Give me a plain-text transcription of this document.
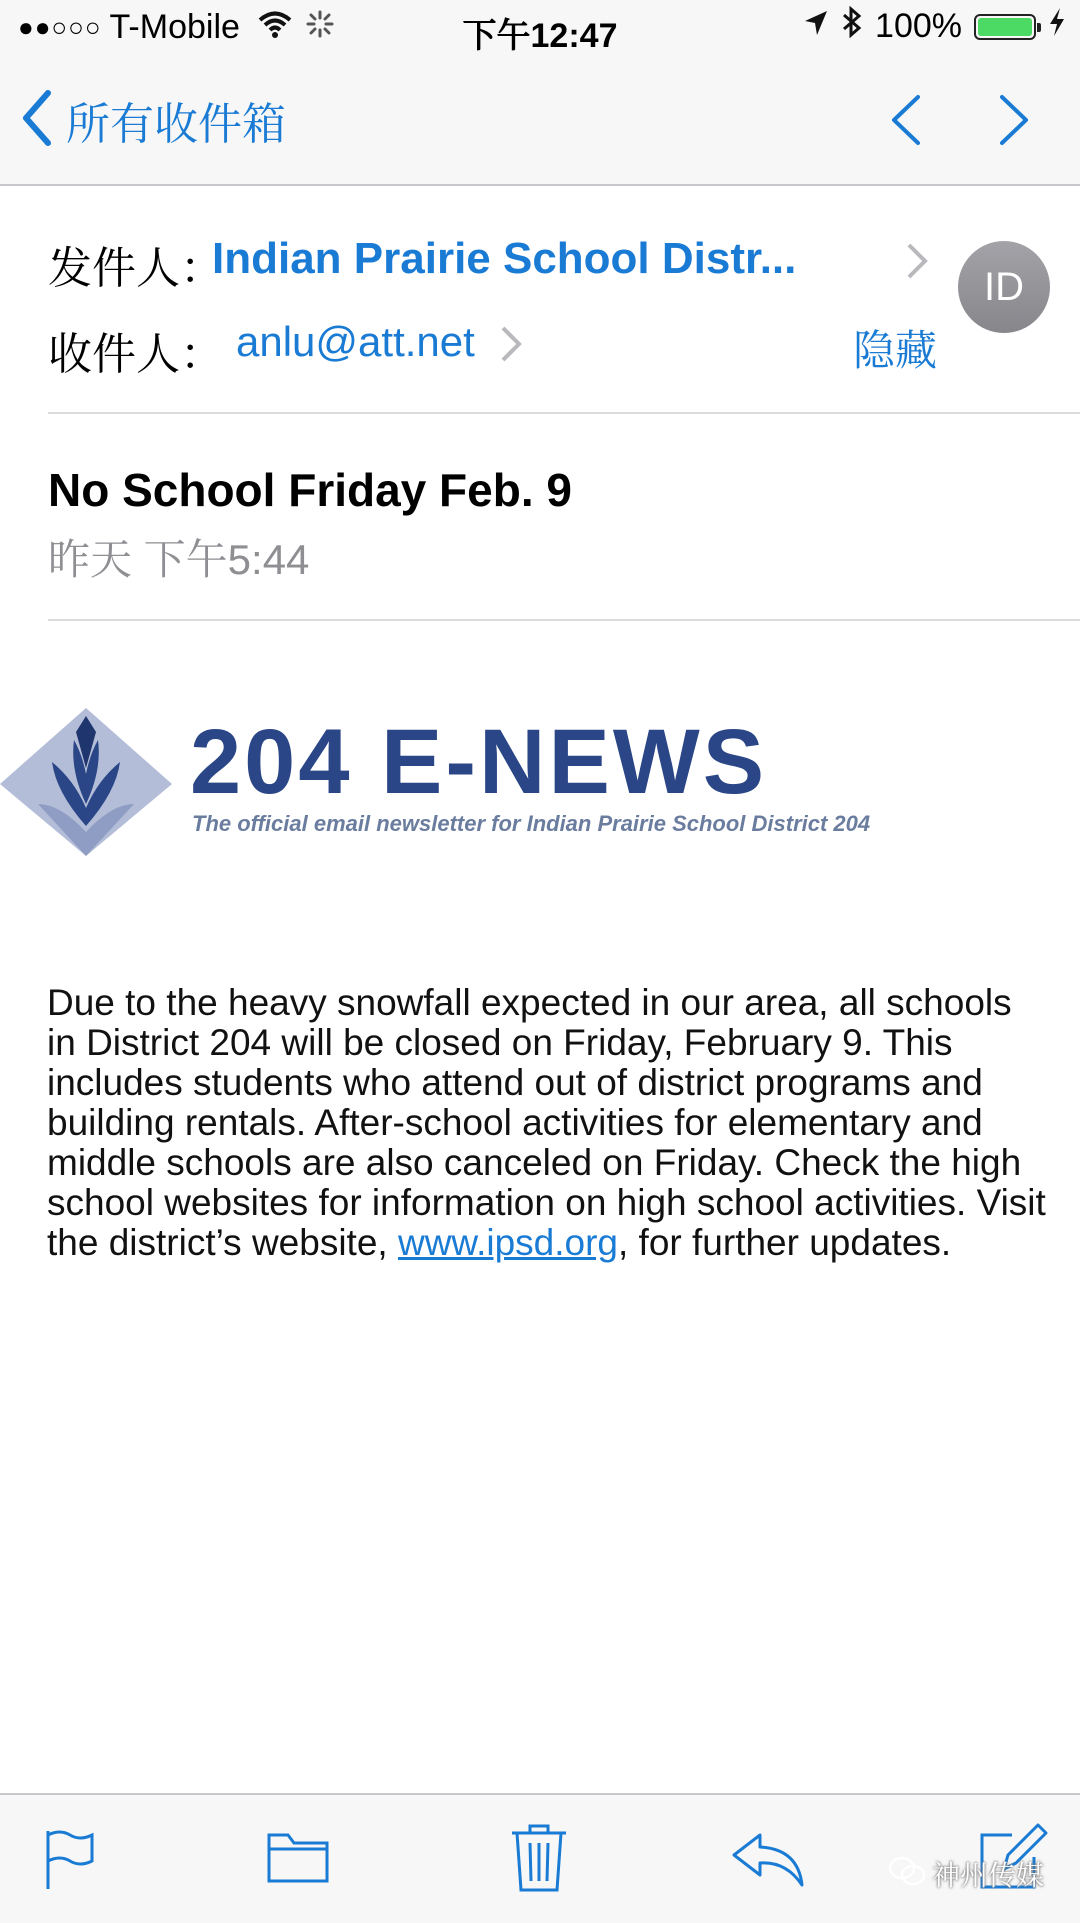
●●○○○ T-Mobile	下午12:47	100%
所有收件箱
发件人：
Indian Prairie School Distr...
ID
收件人： anlu@att.net	隐藏
No School Friday Feb. 9
昨天 下午5:44
204 E-NEWS
The official email newsletter for Indian Prairie School District 204
Due to the heavy snowfall expected in our area, all schools in District 204 will be closed on Friday, February 9. This includes students who attend out of district programs and building rentals. After-school activities for elementary and middle schools are also canceled on Friday. Check the high school websites for information on high school activities. Visit the district’s website, www.ipsd.org, for further updates.
神州传媒
